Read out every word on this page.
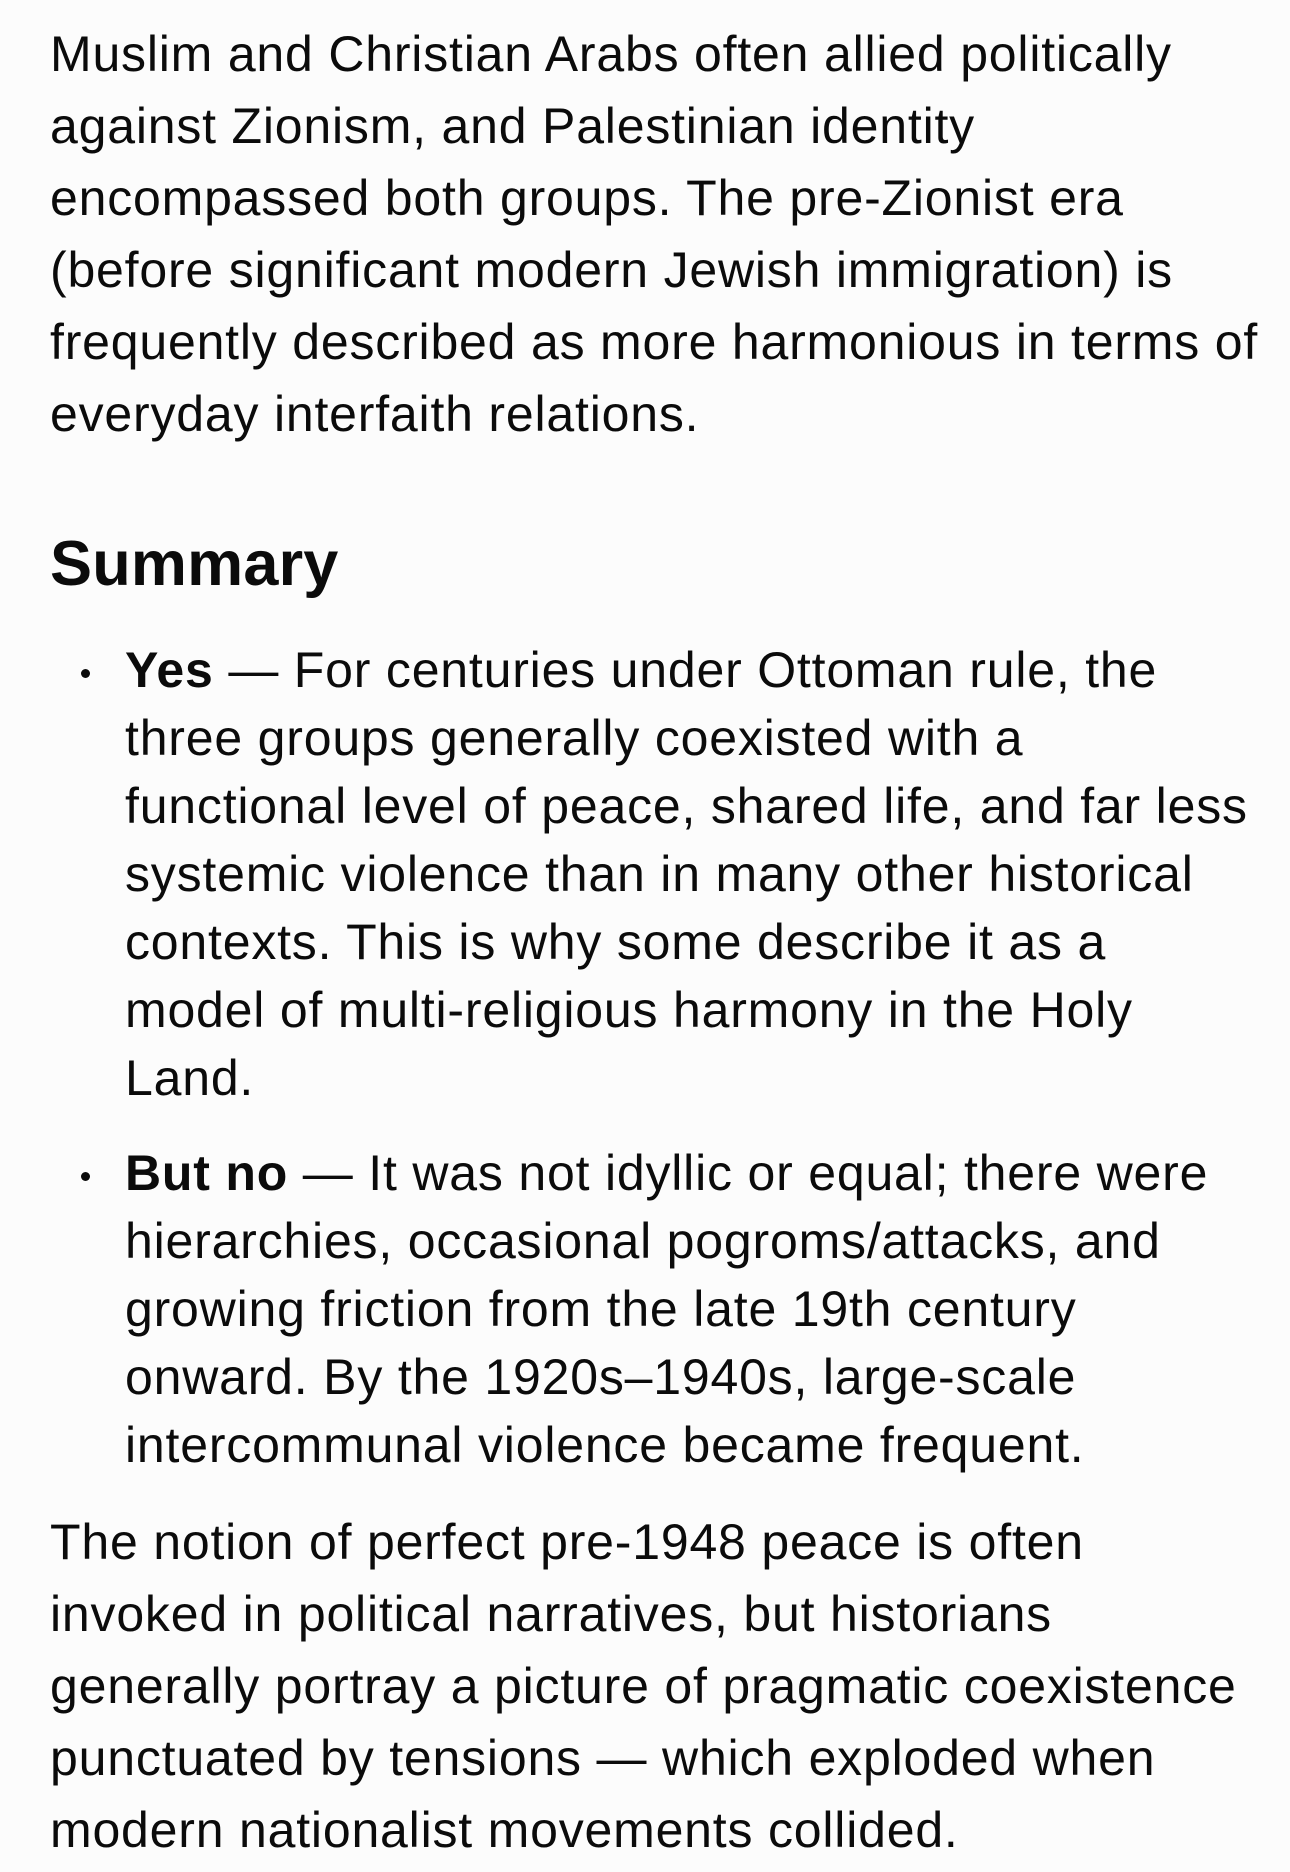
Muslim and Christian Arabs often allied politically against Zionism, and Palestinian identity encompassed both groups. The pre-Zionist era (before significant modern Jewish immigration) is frequently described as more harmonious in terms of everyday interfaith relations.

Summary
Yes — For centuries under Ottoman rule, the three groups generally coexisted with a functional level of peace, shared life, and far less systemic violence than in many other historical contexts. This is why some describe it as a model of multi-religious harmony in the Holy Land.
But no — It was not idyllic or equal; there were hierarchies, occasional pogroms/attacks, and growing friction from the late 19th century onward. By the 1920s–1940s, large-scale intercommunal violence became frequent.

The notion of perfect pre-1948 peace is often invoked in political narratives, but historians generally portray a picture of pragmatic coexistence punctuated by tensions — which exploded when modern nationalist movements collided.
